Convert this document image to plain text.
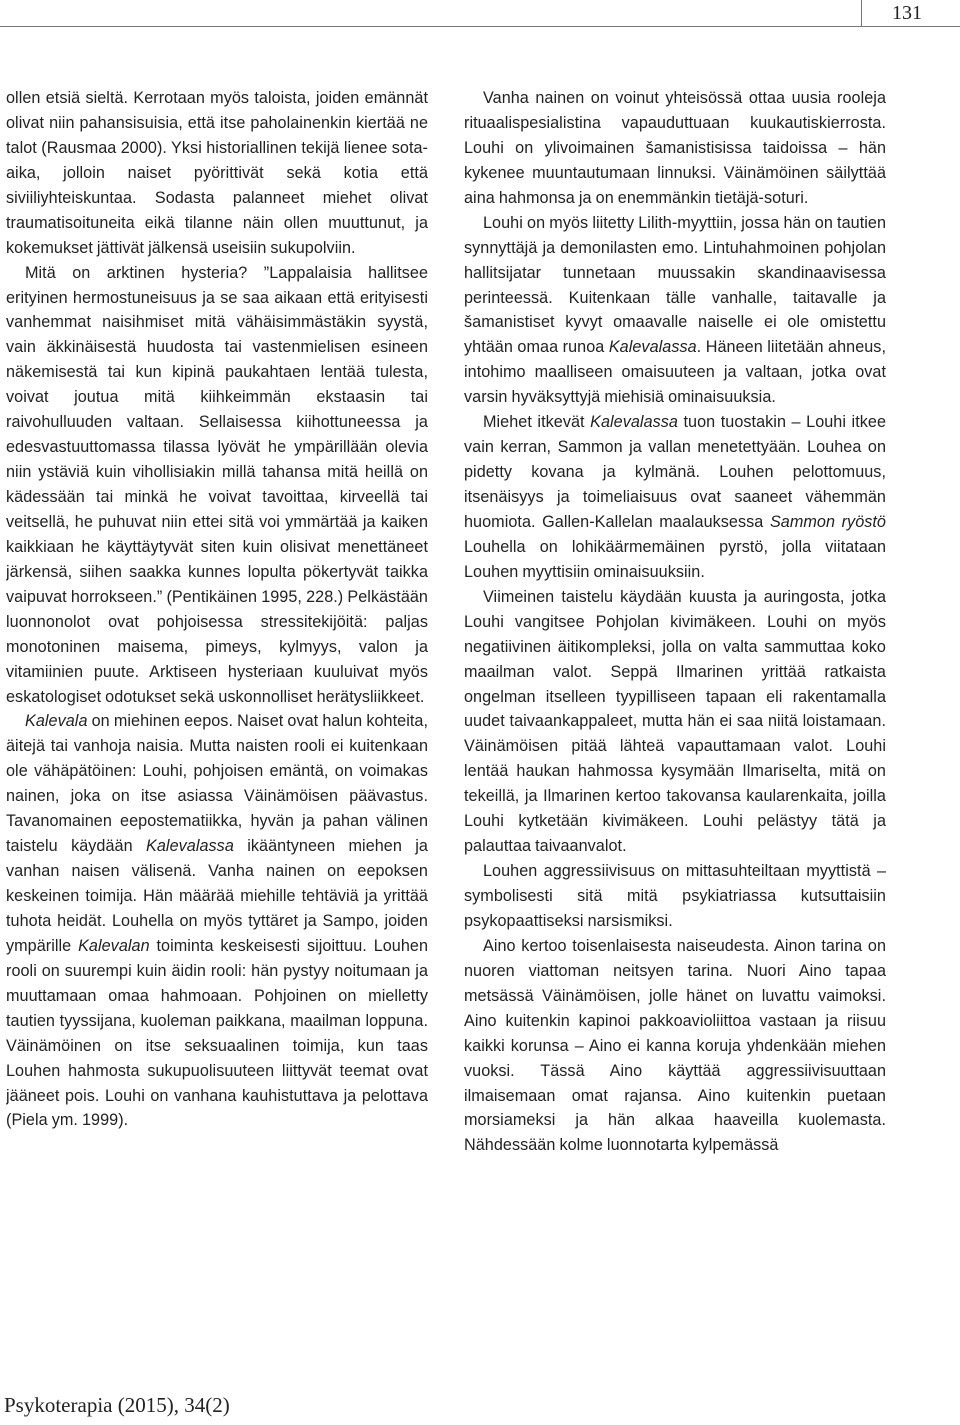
131

ollen etsiä sieltä. Kerrotaan myös taloista, joiden emännät olivat niin pahansisuisia, että itse paholainenkin kiertää ne talot (Rausmaa 2000). Yksi historiallinen tekijä lienee sota-aika, jolloin naiset pyörittivät sekä kotia että siviiliyhteiskuntaa. Sodasta palanneet miehet olivat traumatisoituneita eikä tilanne näin ollen muuttunut, ja kokemukset jättivät jälkensä useisiin sukupolviin.

Mitä on arktinen hysteria? ”Lappalaisia hallitsee erityinen hermostuneisuus ja se saa aikaan että erityisesti vanhemmat naisihmiset mitä vähäisimmästäkin syystä, vain äkkinäisestä huudosta tai vastenmielisen esineen näkemisestä tai kun kipinä paukahtaen lentää tulesta, voivat joutua mitä kiihkeimmän ekstaasin tai raivohulluuden valtaan. Sellaisessa kiihottuneessa ja edesvastuuttomassa tilassa lyövät he ympärillään olevia niin ystäviä kuin vihollisiakin millä tahansa mitä heillä on kädessään tai minkä he voivat tavoittaa, kirveellä tai veitsellä, he puhuvat niin ettei sitä voi ymmärtää ja kaiken kaikkiaan he käyttäytyvät siten kuin olisivat menettäneet järkensä, siihen saakka kunnes lopulta pökertyvät taikka vaipuvat horrokseen.” (Pentikäinen 1995, 228.) Pelkästään luonnonolot ovat pohjoisessa stressitekijöitä: paljas monotoninen maisema, pimeys, kylmyys, valon ja vitamiinien puute. Arktiseen hysteriaan kuuluivat myös eskatologiset odotukset sekä uskonnolliset herätysliikkeet.

Kalevala on miehinen eepos. Naiset ovat halun kohteita, äitejä tai vanhoja naisia. Mutta naisten rooli ei kuitenkaan ole vähäpätöinen: Louhi, pohjoisen emäntä, on voimakas nainen, joka on itse asiassa Väinämöisen päävastus. Tavanomainen eepostematiikka, hyvän ja pahan välinen taistelu käydään Kalevalassa ikääntyneen miehen ja vanhan naisen välisenä. Vanha nainen on eepoksen keskeinen toimija. Hän määrää miehille tehtäviä ja yrittää tuhota heidät. Louhella on myös tyttäret ja Sampo, joiden ympärille Kalevalan toiminta keskeisesti sijoittuu. Louhen rooli on suurempi kuin äidin rooli: hän pystyy noitumaan ja muuttamaan omaa hahmoaan. Pohjoinen on mielletty tautien tyyssijana, kuoleman paikkana, maailman loppuna. Väinämöinen on itse seksuaalinen toimija, kun taas Louhen hahmosta sukupuolisuuteen liittyvät teemat ovat jääneet pois. Louhi on vanhana kauhistuttava ja pelottava (Piela ym. 1999).

Vanha nainen on voinut yhteisössä ottaa uusia rooleja rituaalispesialistina vapauduttuaan kuukautiskierrosta. Louhi on ylivoimainen šamanistisissa taidoissa – hän kykenee muuntautumaan linnuksi. Väinämöinen säilyttää aina hahmonsa ja on enemmänkin tietäjä-soturi.

Louhi on myös liitetty Lilith-myyttiin, jossa hän on tautien synnyttäjä ja demonilasten emo. Lintuhahmoinen pohjolan hallitsijatar tunnetaan muussakin skandinaavisessa perinteessä. Kuitenkaan tälle vanhalle, taitavalle ja šamanistiset kyvyt omaavalle naiselle ei ole omistettu yhtään omaa runoa Kalevalassa. Häneen liitetään ahneus, intohimo maalliseen omaisuuteen ja valtaan, jotka ovat varsin hyväksyttyjä miehisiä ominaisuuksia.

Miehet itkevät Kalevalassa tuon tuostakin – Louhi itkee vain kerran, Sammon ja vallan menetettyään. Louhea on pidetty kovana ja kylmänä. Louhen pelottomuus, itsenäisyys ja toimeliaisuus ovat saaneet vähemmän huomiota. Gallen-Kallelan maalauksessa Sammon ryöstö Louhella on lohikäärmemäinen pyrstö, jolla viitataan Louhen myyttisiin ominaisuuksiin.

Viimeinen taistelu käydään kuusta ja auringosta, jotka Louhi vangitsee Pohjolan kivimäkeen. Louhi on myös negatiivinen äitikompleksi, jolla on valta sammuttaa koko maailman valot. Seppä Ilmarinen yrittää ratkaista ongelman itselleen tyypilliseen tapaan eli rakentamalla uudet taivaankappaleet, mutta hän ei saa niitä loistamaan. Väinämöisen pitää lähteä vapauttamaan valot. Louhi lentää haukan hahmossa kysymään Ilmariselta, mitä on tekeillä, ja Ilmarinen kertoo takovansa kaularenkaita, joilla Louhi kytketään kivimäkeen. Louhi pelästyy tätä ja palauttaa taivaanvalot.

Louhen aggressiivisuus on mittasuhteiltaan myyttistä – symbolisesti sitä mitä psykiatriassa kutsuttaisiin psykopaattiseksi narsismiksi.

Aino kertoo toisenlaisesta naiseudesta. Ainon tarina on nuoren viattoman neitsyen tarina. Nuori Aino tapaa metsässä Väinämöisen, jolle hänet on luvattu vaimoksi. Aino kuitenkin kapinoi pakkoavioliittoa vastaan ja riisuu kaikki korunsa – Aino ei kanna koruja yhdenkään miehen vuoksi. Tässä Aino käyttää aggressiivisuuttaan ilmaisemaan omat rajansa. Aino kuitenkin puetaan morsiameksi ja hän alkaa haaveilla kuolemasta. Nähdessään kolme luonnotarta kylpemässä

Psykoterapia (2015), 34(2)
